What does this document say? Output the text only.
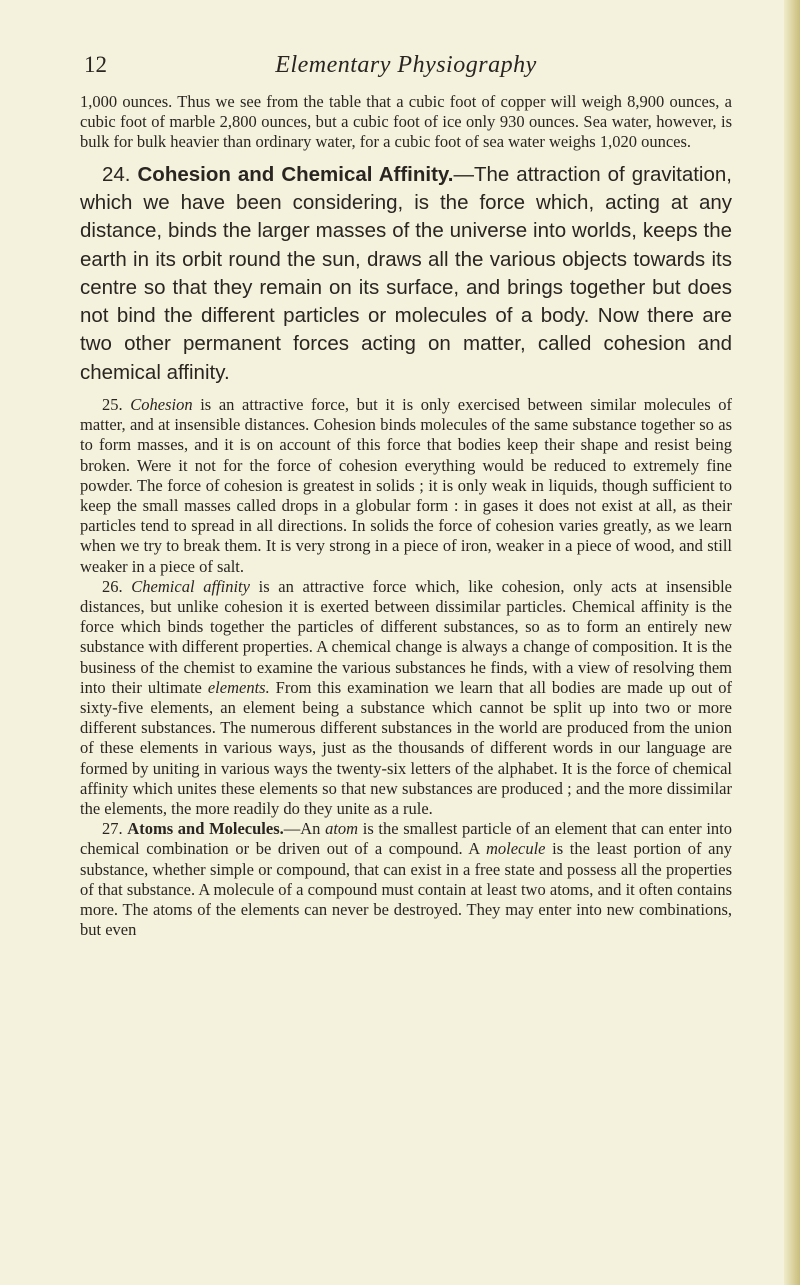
12	Elementary Physiography

1,000 ounces. Thus we see from the table that a cubic foot of copper will weigh 8,900 ounces, a cubic foot of marble 2,800 ounces, but a cubic foot of ice only 930 ounces. Sea water, however, is bulk for bulk heavier than ordinary water, for a cubic foot of sea water weighs 1,020 ounces.

24. Cohesion and Chemical Affinity.—The attraction of gravitation, which we have been considering, is the force which, acting at any distance, binds the larger masses of the universe into worlds, keeps the earth in its orbit round the sun, draws all the various objects towards its centre so that they remain on its surface, and brings together but does not bind the different particles or molecules of a body. Now there are two other permanent forces acting on matter, called cohesion and chemical affinity.

25. Cohesion is an attractive force, but it is only exercised between similar molecules of matter, and at insensible distances. Cohesion binds molecules of the same substance together so as to form masses, and it is on account of this force that bodies keep their shape and resist being broken. Were it not for the force of cohesion everything would be reduced to extremely fine powder. The force of cohesion is greatest in solids ; it is only weak in liquids, though sufficient to keep the small masses called drops in a globular form : in gases it does not exist at all, as their particles tend to spread in all directions. In solids the force of cohesion varies greatly, as we learn when we try to break them. It is very strong in a piece of iron, weaker in a piece of wood, and still weaker in a piece of salt.

26. Chemical affinity is an attractive force which, like cohesion, only acts at insensible distances, but unlike cohesion it is exerted between dissimilar particles. Chemical affinity is the force which binds together the particles of different substances, so as to form an entirely new substance with different properties. A chemical change is always a change of composition. It is the business of the chemist to examine the various substances he finds, with a view of resolving them into their ultimate elements. From this examination we learn that all bodies are made up out of sixty-five elements, an element being a substance which cannot be split up into two or more different substances. The numerous different substances in the world are produced from the union of these elements in various ways, just as the thousands of different words in our language are formed by uniting in various ways the twenty-six letters of the alphabet. It is the force of chemical affinity which unites these elements so that new substances are produced ; and the more dissimilar the elements, the more readily do they unite as a rule.

27. Atoms and Molecules.—An atom is the smallest particle of an element that can enter into chemical combination or be driven out of a compound. A molecule is the least portion of any substance, whether simple or compound, that can exist in a free state and possess all the properties of that substance. A molecule of a compound must contain at least two atoms, and it often contains more. The atoms of the elements can never be destroyed. They may enter into new combinations, but even
